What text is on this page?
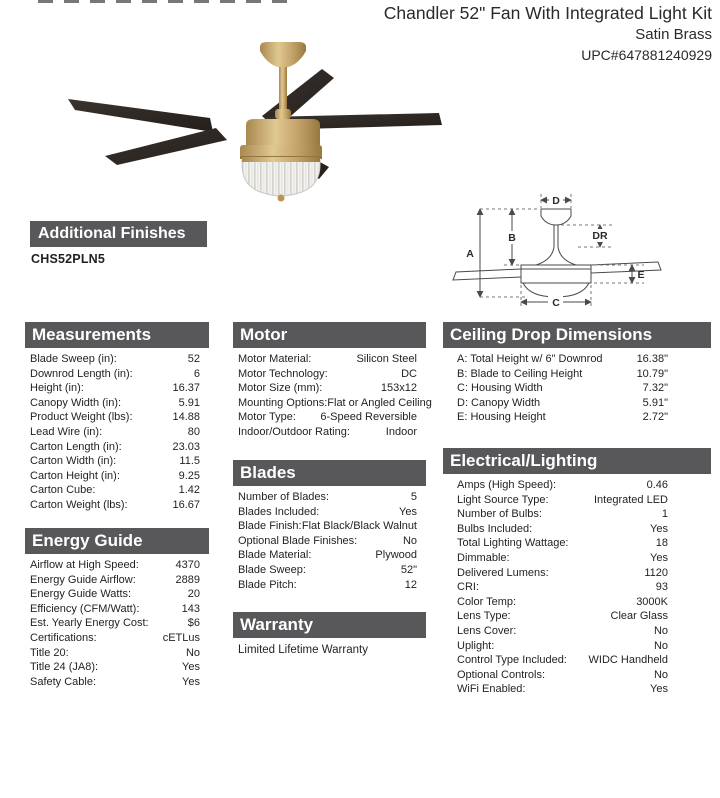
Chandler 52" Fan With Integrated Light Kit
Satin Brass
UPC#647881240929
Additional Finishes
CHS52PLN5
D
A
B	DR
E
C
Measurements
Blade Sweep (in):	52
Downrod Length (in):	6
Height (in):	16.37
Canopy Width (in):	5.91
Product Weight (lbs):	14.88
Lead Wire (in):	80
Carton Length (in):	23.03
Carton Width (in):	11.5
Carton Height (in):	9.25
Carton Cube:	1.42
Carton Weight (lbs):	16.67
Energy Guide
Airflow at High Speed:	4370
Energy Guide Airflow:	2889
Energy Guide Watts:	20
Efficiency (CFM/Watt):	143
Est. Yearly Energy Cost:	$6
Certifications:	cETLus
Title 20:	No
Title 24 (JA8):	Yes
Safety Cable:	Yes
Motor
Motor Material:	Silicon Steel
Motor Technology:	DC
Motor Size (mm):	153x12
Mounting Options: Flat or Angled Ceiling
Motor Type: 6-Speed Reversible
Indoor/Outdoor Rating:	Indoor
Blades
Number of Blades:	5
Blades Included:	Yes
Blade Finish: Flat Black/Black Walnut
Optional Blade Finishes:	No
Blade Material:	Plywood
Blade Sweep:	52"
Blade Pitch:	12
Warranty
Limited Lifetime Warranty
Ceiling Drop Dimensions
A: Total Height w/ 6" Downrod	16.38"
B: Blade to Ceiling Height	10.79"
C: Housing Width	7.32"
D: Canopy Width	5.91"
E: Housing Height	2.72"
Electrical/Lighting
Amps (High Speed):	0.46
Light Source Type:	Integrated LED
Number of Bulbs:	1
Bulbs Included:	Yes
Total Lighting Wattage:	18
Dimmable:	Yes
Delivered Lumens:	1120
CRI:	93
Color Temp:	3000K
Lens Type:	Clear Glass
Lens Cover:	No
Uplight:	No
Control Type Included: WIDC Handheld
Optional Controls:	No
WiFi Enabled:	Yes
